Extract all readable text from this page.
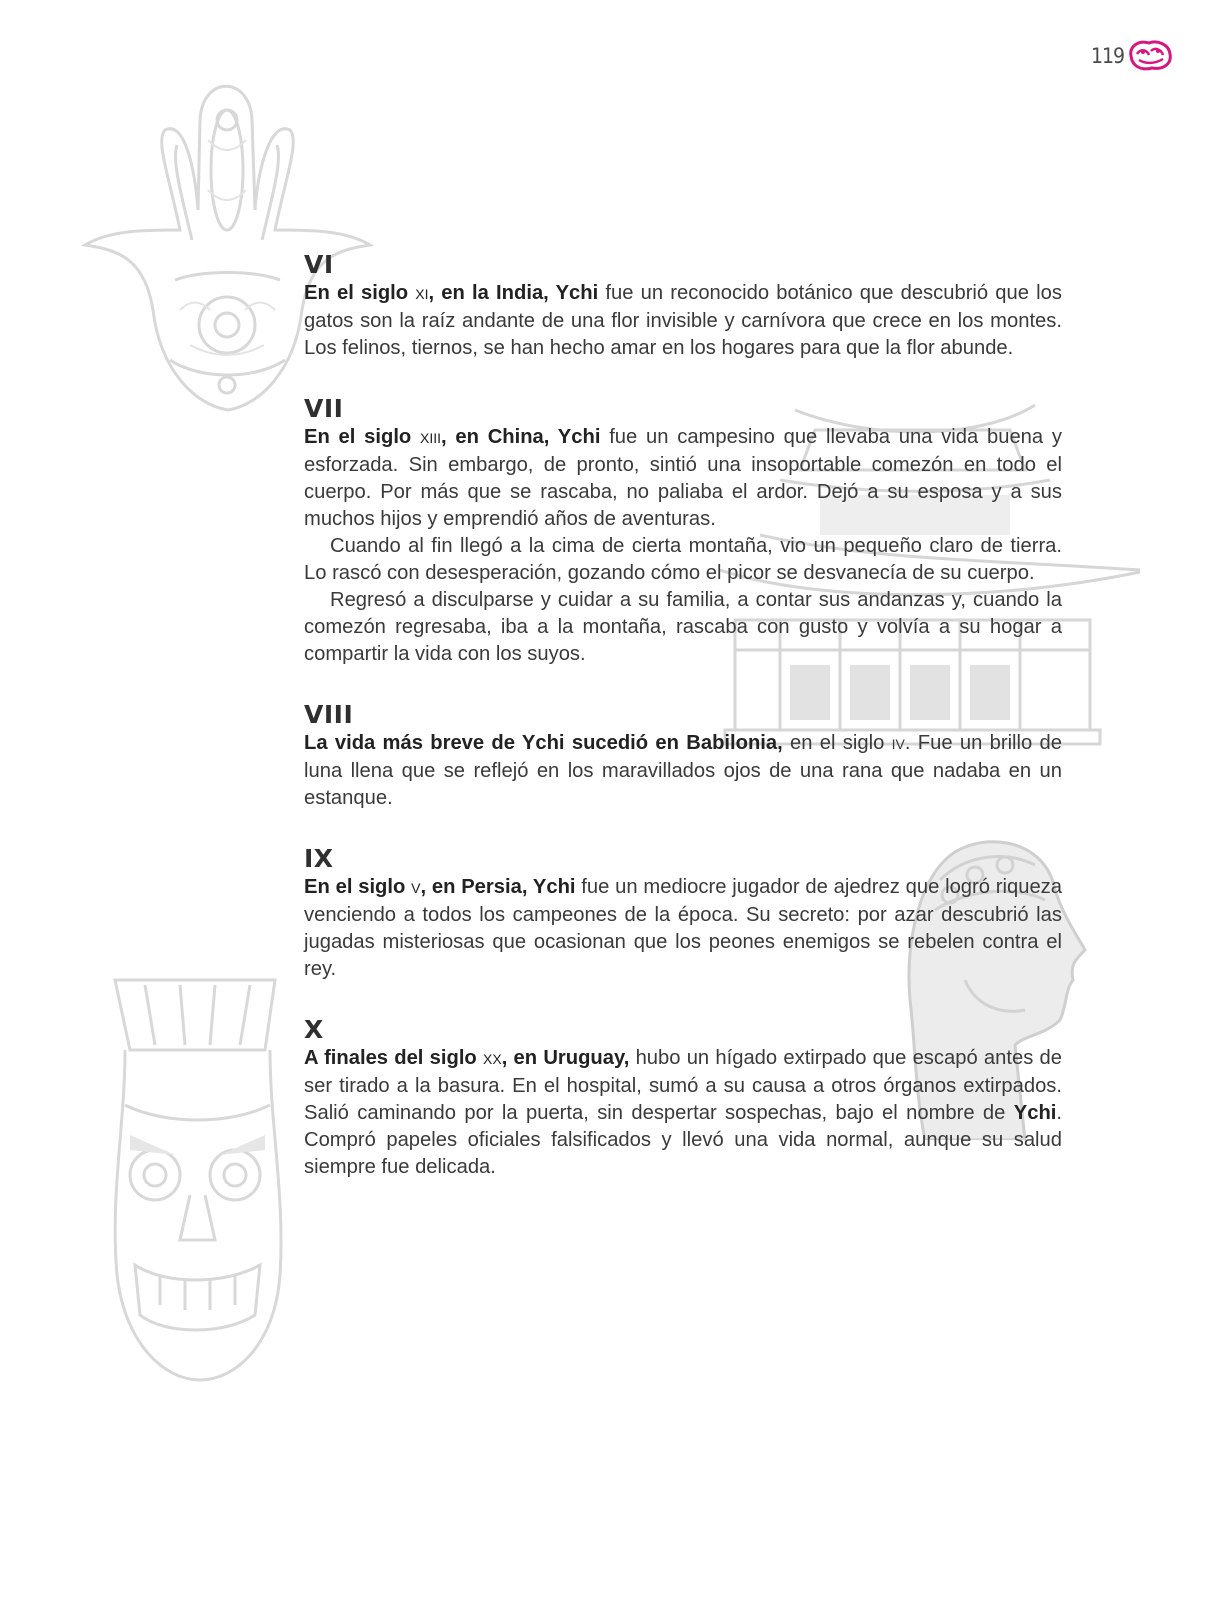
119
VI

En el siglo XI, en la India, Ychi fue un reconocido botánico que descubrió que los gatos son la raíz andante de una flor invisible y carnívora que crece en los montes. Los felinos, tiernos, se han hecho amar en los hogares para que la flor abunde.

VII

En el siglo XIII, en China, Ychi fue un campesino que llevaba una vida buena y esforzada. Sin embargo, de pronto, sintió una insoportable comezón en todo el cuerpo. Por más que se rascaba, no paliaba el ardor. Dejó a su esposa y a sus muchos hijos y emprendió años de aventuras.

Cuando al fin llegó a la cima de cierta montaña, vio un pequeño claro de tierra. Lo rascó con desesperación, gozando cómo el picor se desvanecía de su cuerpo.

Regresó a disculparse y cuidar a su familia, a contar sus andanzas y, cuando la comezón regresaba, iba a la montaña, rascaba con gusto y volvía a su hogar a compartir la vida con los suyos.

VIII

La vida más breve de Ychi sucedió en Babilonia, en el siglo IV. Fue un brillo de luna llena que se reflejó en los maravillados ojos de una rana que nadaba en un estanque.

IX

En el siglo V, en Persia, Ychi fue un mediocre jugador de ajedrez que logró riqueza venciendo a todos los campeones de la época. Su secreto: por azar descubrió las jugadas misteriosas que ocasionan que los peones enemigos se rebelen contra el rey.

X

A finales del siglo XX, en Uruguay, hubo un hígado extirpado que escapó antes de ser tirado a la basura. En el hospital, sumó a su causa a otros órganos extirpados. Salió caminando por la puerta, sin despertar sospechas, bajo el nombre de Ychi. Compró papeles oficiales falsificados y llevó una vida normal, aunque su salud siempre fue delicada.
